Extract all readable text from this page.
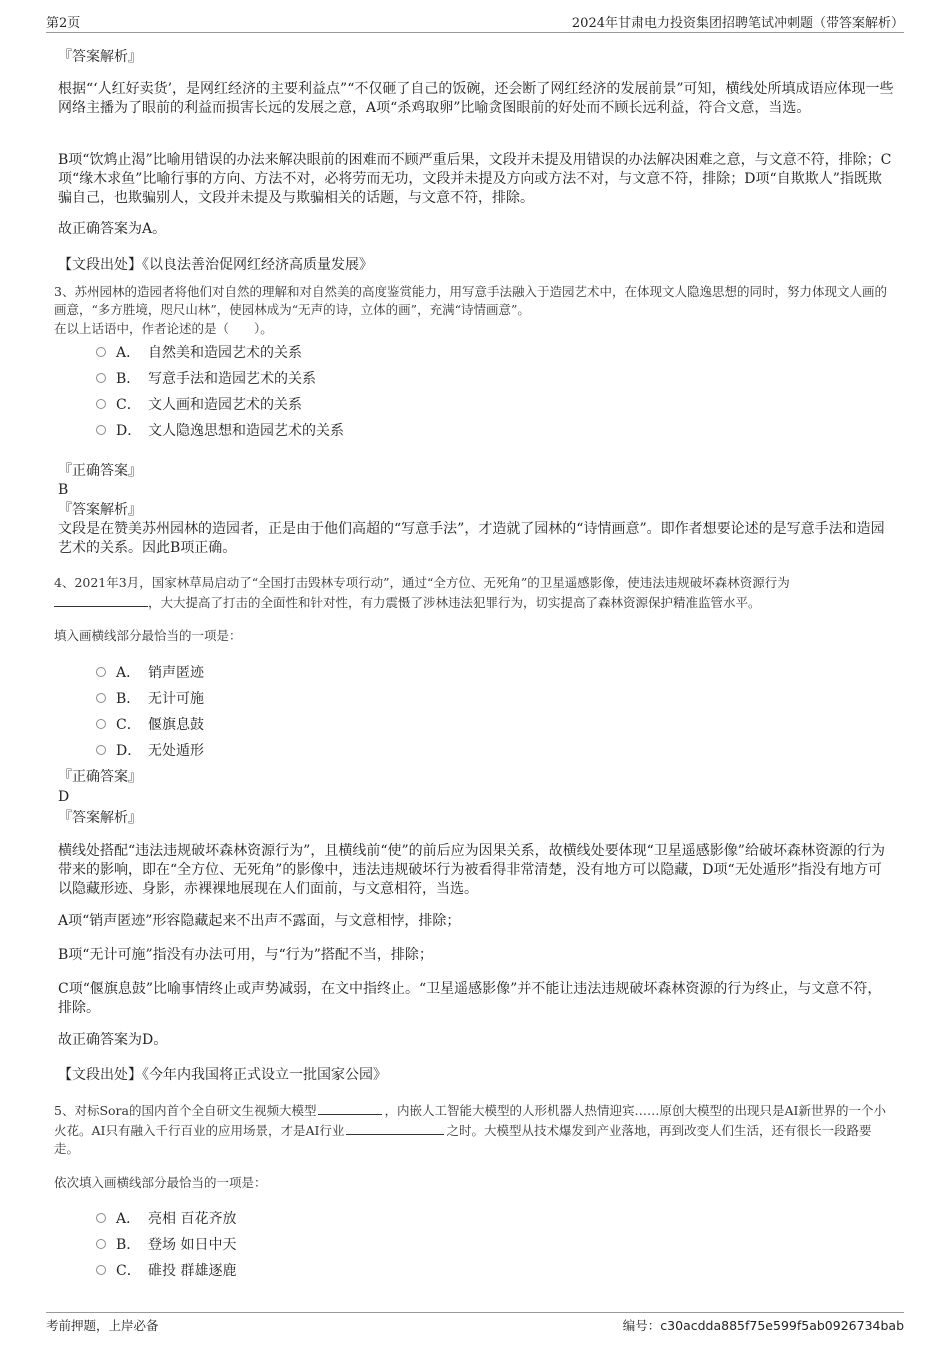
第2页	2024年甘肃电力投资集团招聘笔试冲刺题（带答案解析）
『答案解析』
根据“‘人红好卖货’，是网红经济的主要利益点”“不仅砸了自己的饭碗，还会断了网红经济的发展前景”可知，横线处所填成语应体现一些网络主播为了眼前的利益而损害长远的发展之意，A项“杀鸡取卵”比喻贪图眼前的好处而不顾长远利益，符合文意，当选。
B项“饮鸩止渴”比喻用错误的办法来解决眼前的困难而不顾严重后果，文段并未提及用错误的办法解决困难之意，与文意不符，排除；C项“缘木求鱼”比喻行事的方向、方法不对，必将劳而无功，文段并未提及方向或方法不对，与文意不符，排除；D项“自欺欺人”指既欺骗自己，也欺骗别人，文段并未提及与欺骗相关的话题，与文意不符，排除。
故正确答案为A。
【文段出处】《以良法善治促网红经济高质量发展》
3、苏州园林的造园者将他们对自然的理解和对自然美的高度鉴赏能力，用写意手法融入于造园艺术中，在体现文人隐逸思想的同时，努力体现文人画的画意，“多方胜境，咫尺山林”，使园林成为“无声的诗，立体的画”，充满“诗情画意”。
在以上话语中，作者论述的是（　　）。
A． 自然美和造园艺术的关系
B． 写意手法和造园艺术的关系
C． 文人画和造园艺术的关系
D． 文人隐逸思想和造园艺术的关系
『正确答案』
B
『答案解析』
文段是在赞美苏州园林的造园者，正是由于他们高超的“写意手法”，才造就了园林的“诗情画意”。即作者想要论述的是写意手法和造园艺术的关系。因此B项正确。
4、2021年3月，国家林草局启动了“全国打击毁林专项行动”，通过“全方位、无死角”的卫星遥感影像，使违法违规破坏森林资源行为
，大大提高了打击的全面性和针对性，有力震慑了涉林违法犯罪行为，切实提高了森林资源保护精准监管水平。
填入画横线部分最恰当的一项是：
A． 销声匿迹
B． 无计可施
C． 偃旗息鼓
D． 无处遁形
『正确答案』
D
『答案解析』
横线处搭配“违法违规破坏森林资源行为”，且横线前“使”的前后应为因果关系，故横线处要体现“卫星遥感影像”给破坏森林资源的行为带来的影响，即在“全方位、无死角”的影像中，违法违规破坏行为被看得非常清楚，没有地方可以隐藏，D项“无处遁形”指没有地方可以隐藏形迹、身影，赤裸裸地展现在人们面前，与文意相符，当选。
A项“销声匿迹”形容隐藏起来不出声不露面，与文意相悖，排除；
B项“无计可施”指没有办法可用，与“行为”搭配不当，排除；
C项“偃旗息鼓”比喻事情终止或声势减弱，在文中指终止。“卫星遥感影像”并不能让违法违规破坏森林资源的行为终止，与文意不符，排除。
故正确答案为D。
【文段出处】《今年内我国将正式设立一批国家公园》
5、对标Sora的国内首个全自研文生视频大模型	，内嵌人工智能大模型的人形机器人热情迎宾……原创大模型的出现只是AI新世界的一个小火花。AI只有融入千行百业的应用场景，才是AI行业	之时。大模型从技术爆发到产业落地，再到改变人们生活，还有很长一段路要走。
依次填入画横线部分最恰当的一项是：
A． 亮相 百花齐放
B． 登场 如日中天
C． 碓投 群雄逐鹿
考前押题，上岸必备	编号：c30acdda885f75e599f5ab0926734bab
